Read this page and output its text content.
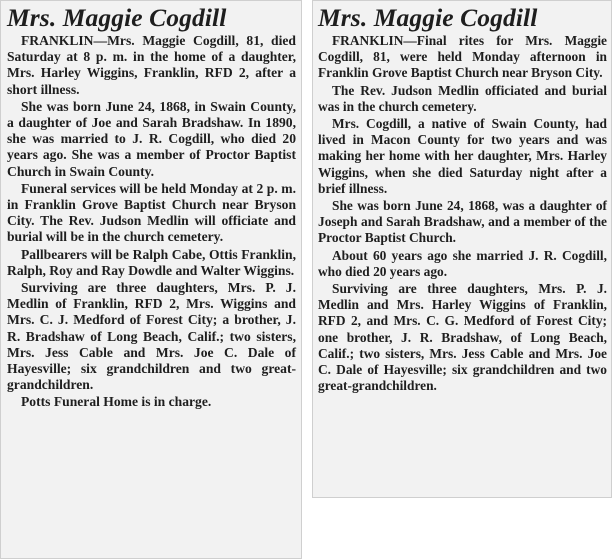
Mrs. Maggie Cogdill

FRANKLIN—Mrs. Maggie Cogdill, 81, died Saturday at 8 p. m. in the home of a daughter, Mrs. Harley Wiggins, Franklin, RFD 2, after a short illness.

She was born June 24, 1868, in Swain County, a daughter of Joe and Sarah Bradshaw. In 1890, she was married to J. R. Cogdill, who died 20 years ago. She was a member of Proctor Baptist Church in Swain County.

Funeral services will be held Monday at 2 p. m. in Franklin Grove Baptist Church near Bryson City. The Rev. Judson Medlin will officiate and burial will be in the church cemetery.

Pallbearers will be Ralph Cabe, Ottis Franklin, Ralph, Roy and Ray Dowdle and Walter Wiggins.

Surviving are three daughters, Mrs. P. J. Medlin of Franklin, RFD 2, Mrs. Wiggins and Mrs. C. J. Medford of Forest City; a brother, J. R. Bradshaw of Long Beach, Calif.; two sisters, Mrs. Jess Cable and Mrs. Joe C. Dale of Hayesville; six grandchildren and two great-grandchildren.

Potts Funeral Home is in charge.

Mrs. Maggie Cogdill

FRANKLIN—Final rites for Mrs. Maggie Cogdill, 81, were held Monday afternoon in Franklin Grove Baptist Church near Bryson City.

The Rev. Judson Medlin officiated and burial was in the church cemetery.

Mrs. Cogdill, a native of Swain County, had lived in Macon County for two years and was making her home with her daughter, Mrs. Harley Wiggins, when she died Saturday night after a brief illness.

She was born June 24, 1868, was a daughter of Joseph and Sarah Bradshaw, and a member of the Proctor Baptist Church.

About 60 years ago she married J. R. Cogdill, who died 20 years ago.

Surviving are three daughters, Mrs. P. J. Medlin and Mrs. Harley Wiggins of Franklin, RFD 2, and Mrs. C. G. Medford of Forest City; one brother, J. R. Bradshaw, of Long Beach, Calif.; two sisters, Mrs. Jess Cable and Mrs. Joe C. Dale of Hayesville; six grandchildren and two great-grandchildren.
